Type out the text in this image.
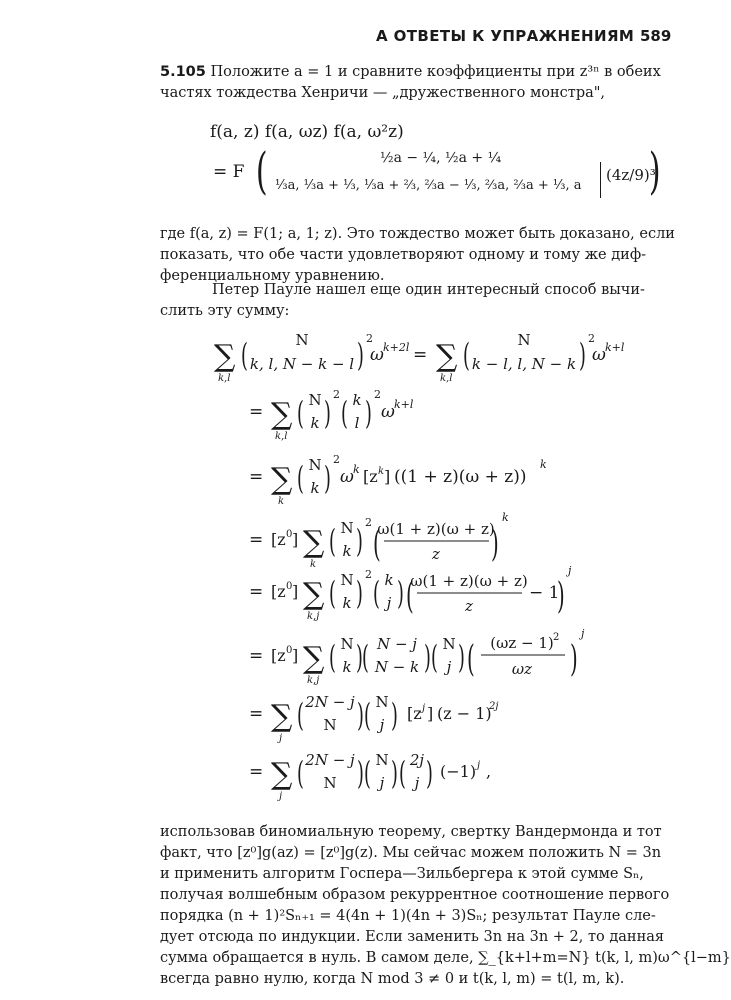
А ОТВЕТЫ К УПРАЖНЕНИЯМ 589
5.105 Положите a = 1 и сравните коэффициенты при z³ⁿ в обеих
частях тождества Хенричи — „дружественного монстра",
f(a, z) f(a, ωz) f(a, ω²z)
= F (	½a − ¼, ½a + ¼
⅓a, ⅓a + ⅓, ⅓a + ⅔, ⅔a − ⅓, ⅔a, ⅔a + ⅓, a
(4z/9)³
)
где f(a, z) = F(1; a, 1; z). Это тождество может быть доказано, если
показать, что обе части удовлетворяют одному и тому же диф-
ференциальному уравнению.
Петер Пауле нашел еще один интересный способ вычи-
слить эту сумму:
∑
k,l
(	N
k, l, N − k − l ) 2
ω k+2l = ∑
k,l
(	N
k − l, l, N − k ) 2
ω k+l
= ∑
k,l
( N
k )
2
( k
l )
2
ω k+l
= ∑
k
( N
k )
2
ω k [z k ] ((1 + z)(ω + z))
k
= [z 0 ] ∑
k
( N
k )
2
(
ω(1 + z)(ω + z)
z )
k
= [z 0 ] ∑
k,j
( N
k )
2
( k
j ) (
ω(1 + z)(ω + z)
z
− 1
)
j
= [z 0 ] ∑
k,j
( N
k ) ( N − j
N − k ) ( N
j ) ( (ωz − 1) 2
ωz )
j
= ∑
j
( 2N − j
N ) ( N
j ) [z j ] (z − 1)
2j
= ∑
j
( 2N − j
N ) ( N
j ) ( 2j
j ) (−1) j ,
использовав биномиальную теорему, свертку Вандермонда и тот
факт, что [z⁰]g(az) = [z⁰]g(z). Мы сейчас можем положить N = 3n
и применить алгоритм Госпера—Зильбергера к этой сумме Sₙ,
получая волшебным образом рекуррентное соотношение первого
порядка (n + 1)²Sₙ₊₁ = 4(4n + 1)(4n + 3)Sₙ; результат Пауле сле-
дует отсюда по индукции. Если заменить 3n на 3n + 2, то данная
сумма обращается в нуль. В самом деле, ∑_{k+l+m=N} t(k, l, m)ω^{l−m}
всегда равно нулю, когда N mod 3 ≠ 0 и t(k, l, m) = t(l, m, k).
